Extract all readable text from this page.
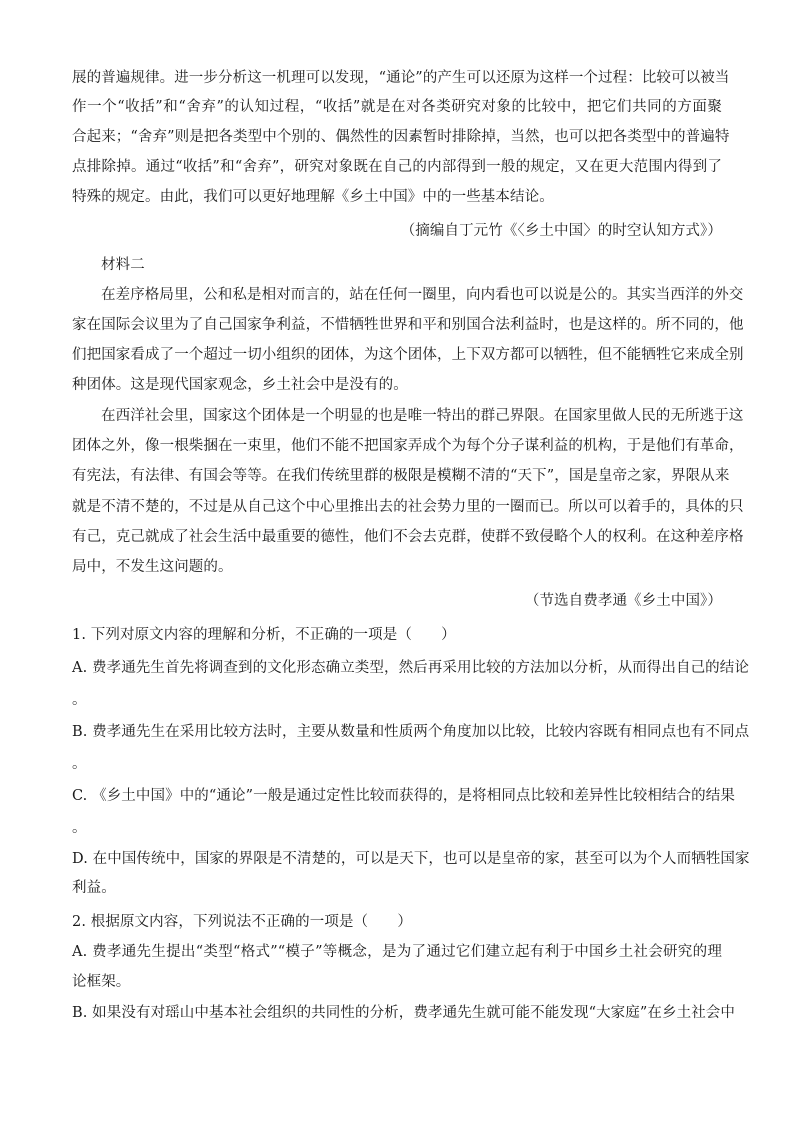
展的普遍规律。进一步分析这一机理可以发现，“通论”的产生可以还原为这样一个过程：比较可以被当
作一个“收括”和“舍弃”的认知过程，“收括”就是在对各类研究对象的比较中，把它们共同的方面聚
合起来；“舍弃”则是把各类型中个别的、偶然性的因素暂时排除掉，当然，也可以把各类型中的普遍特
点排除掉。通过“收括”和“舍弃”，研究对象既在自己的内部得到一般的规定，又在更大范围内得到了
特殊的规定。由此，我们可以更好地理解《乡土中国》中的一些基本结论。
（摘编自丁元竹《〈乡土中国〉的时空认知方式》）
材料二
在差序格局里，公和私是相对而言的，站在任何一圈里，向内看也可以说是公的。其实当西洋的外交
家在国际会议里为了自己国家争利益，不惜牺牲世界和平和别国合法利益时，也是这样的。所不同的，他
们把国家看成了一个超过一切小组织的团体，为这个团体，上下双方都可以牺牲，但不能牺牲它来成全别
种团体。这是现代国家观念，乡土社会中是没有的。
在西洋社会里，国家这个团体是一个明显的也是唯一特出的群己界限。在国家里做人民的无所逃于这
团体之外，像一根柴捆在一束里，他们不能不把国家弄成个为每个分子谋利益的机构，于是他们有革命，
有宪法，有法律、有国会等等。在我们传统里群的极限是模糊不清的“天下”，国是皇帝之家，界限从来
就是不清不楚的，不过是从自己这个中心里推出去的社会势力里的一圈而已。所以可以着手的，具体的只
有己，克己就成了社会生活中最重要的德性，他们不会去克群，使群不致侵略个人的权利。在这种差序格
局中，不发生这问题的。
（节选自费孝通《乡土中国》）
1. 下列对原文内容的理解和分析，不正确的一项是（　　）
A. 费孝通先生首先将调查到的文化形态确立类型，然后再采用比较的方法加以分析，从而得出自己的结论
。
B. 费孝通先生在采用比较方法时，主要从数量和性质两个角度加以比较，比较内容既有相同点也有不同点
。
C. 《乡土中国》中的“通论”一般是通过定性比较而获得的，是将相同点比较和差异性比较相结合的结果
。
D. 在中国传统中，国家的界限是不清楚的，可以是天下，也可以是皇帝的家，甚至可以为个人而牺牲国家
利益。
2. 根据原文内容，下列说法不正确的一项是（　　）
A. 费孝通先生提出“类型“格式”“模子”等概念，是为了通过它们建立起有利于中国乡土社会研究的理
论框架。
B. 如果没有对瑶山中基本社会组织的共同性的分析，费孝通先生就可能不能发现“大家庭”在乡土社会中
